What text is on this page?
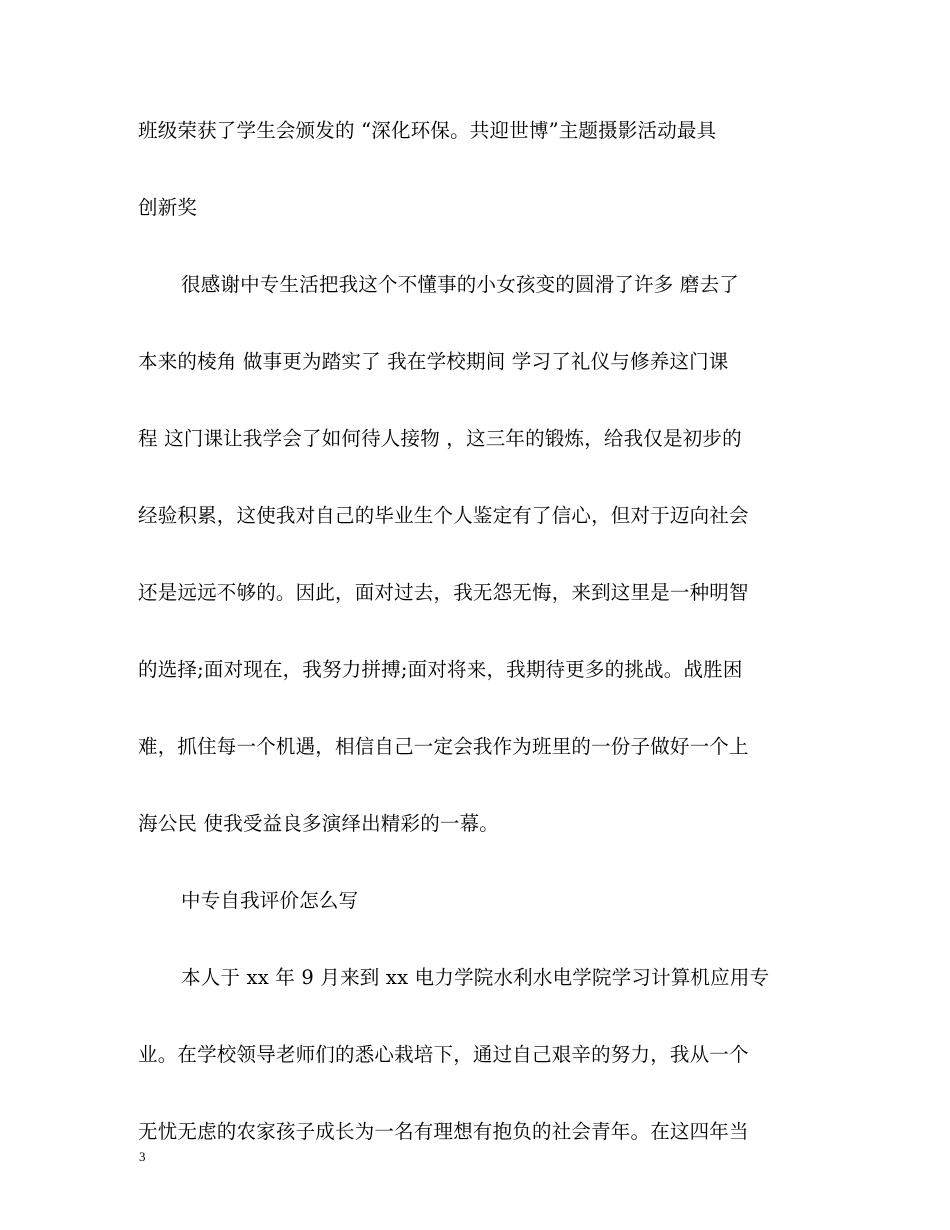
班级荣获了学生会颁发的 “深化环保。共迎世博”主题摄影活动最具
创新奖
很感谢中专生活把我这个不懂事的小女孩变的圆滑了许多 磨去了
本来的棱角 做事更为踏实了 我在学校期间 学习了礼仪与修养这门课
程 这门课让我学会了如何待人接物 ，这三年的锻炼，给我仅是初步的
经验积累，这使我对自己的毕业生个人鉴定有了信心，但对于迈向社会
还是远远不够的。因此，面对过去，我无怨无悔，来到这里是一种明智
的选择;面对现在，我努力拼搏;面对将来，我期待更多的挑战。战胜困
难，抓住每一个机遇，相信自己一定会我作为班里的一份子做好一个上
海公民 使我受益良多演绎出精彩的一幕。
中专自我评价怎么写
本人于 xx 年 9 月来到 xx 电力学院水利水电学院学习计算机应用专
业。在学校领导老师们的悉心栽培下，通过自己艰辛的努力，我从一个
无忧无虑的农家孩子成长为一名有理想有抱负的社会青年。在这四年当
3
